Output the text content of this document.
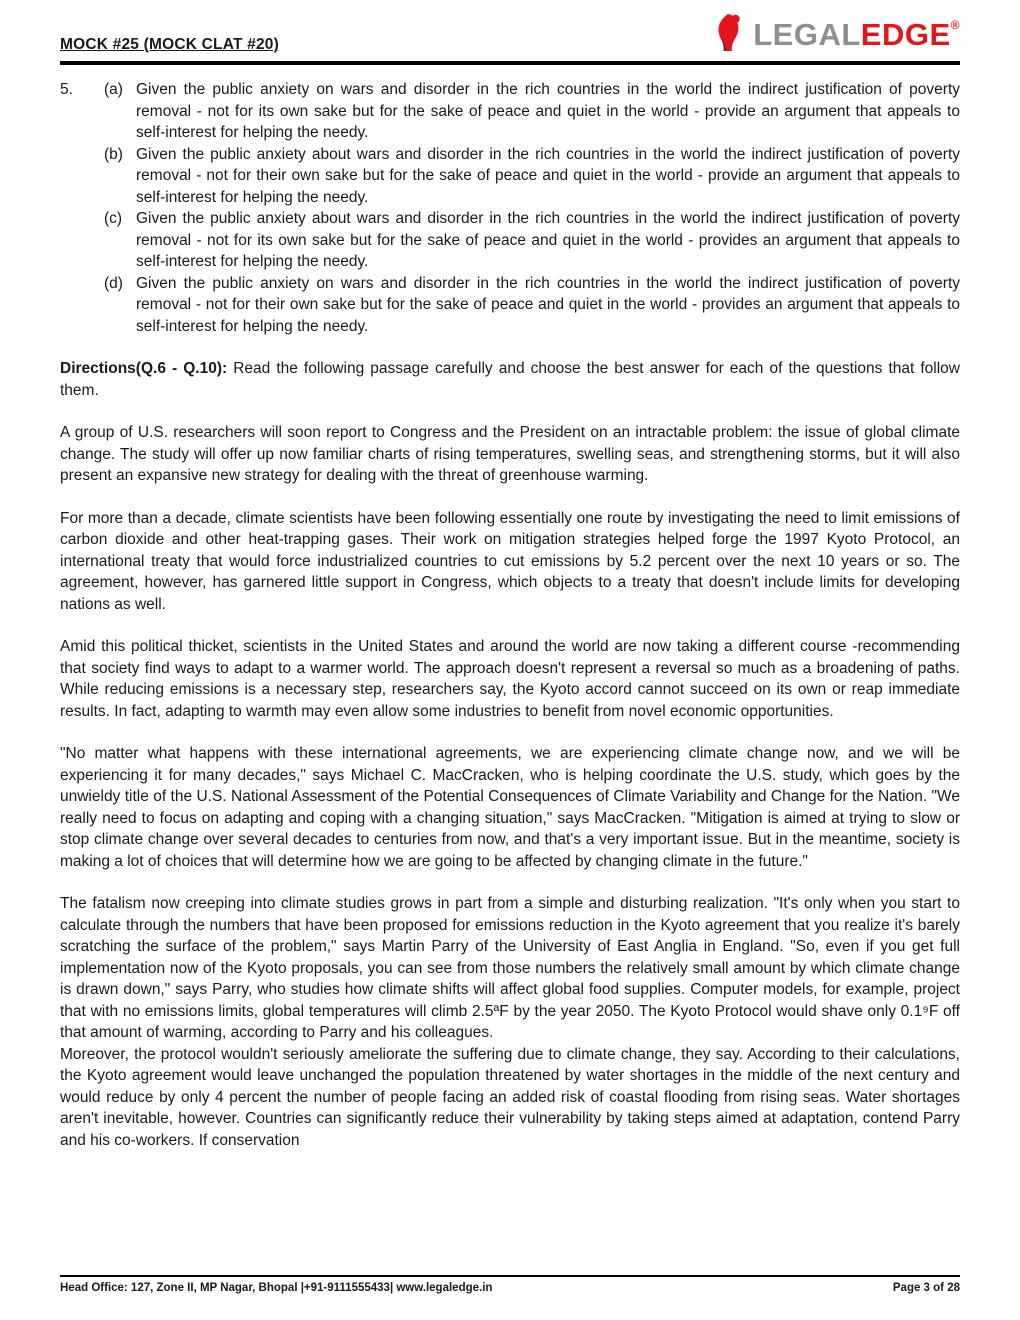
MOCK #25 (MOCK CLAT #20)	LEGALEDGE®
5.	(a) Given the public anxiety on wars and disorder in the rich countries in the world the indirect justification of poverty removal - not for its own sake but for the sake of peace and quiet in the world - provide an argument that appeals to self-interest for helping the needy.
(b) Given the public anxiety about wars and disorder in the rich countries in the world the indirect justification of poverty removal - not for their own sake but for the sake of peace and quiet in the world - provide an argument that appeals to self-interest for helping the needy.
(c) Given the public anxiety about wars and disorder in the rich countries in the world the indirect justification of poverty removal - not for its own sake but for the sake of peace and quiet in the world - provides an argument that appeals to self-interest for helping the needy.
(d) Given the public anxiety on wars and disorder in the rich countries in the world the indirect justification of poverty removal - not for their own sake but for the sake of peace and quiet in the world - provides an argument that appeals to self-interest for helping the needy.

Directions(Q.6 - Q.10): Read the following passage carefully and choose the best answer for each of the questions that follow them.

A group of U.S. researchers will soon report to Congress and the President on an intractable problem: the issue of global climate change. The study will offer up now familiar charts of rising temperatures, swelling seas, and strengthening storms, but it will also present an expansive new strategy for dealing with the threat of greenhouse warming.

For more than a decade, climate scientists have been following essentially one route by investigating the need to limit emissions of carbon dioxide and other heat-trapping gases. Their work on mitigation strategies helped forge the 1997 Kyoto Protocol, an international treaty that would force industrialized countries to cut emissions by 5.2 percent over the next 10 years or so. The agreement, however, has garnered little support in Congress, which objects to a treaty that doesn't include limits for developing nations as well.

Amid this political thicket, scientists in the United States and around the world are now taking a different course -recommending that society find ways to adapt to a warmer world. The approach doesn't represent a reversal so much as a broadening of paths. While reducing emissions is a necessary step, researchers say, the Kyoto accord cannot succeed on its own or reap immediate results. In fact, adapting to warmth may even allow some industries to benefit from novel economic opportunities.

"No matter what happens with these international agreements, we are experiencing climate change now, and we will be experiencing it for many decades," says Michael C. MacCracken, who is helping coordinate the U.S. study, which goes by the unwieldy title of the U.S. National Assessment of the Potential Consequences of Climate Variability and Change for the Nation. "We really need to focus on adapting and coping with a changing situation," says MacCracken. "Mitigation is aimed at trying to slow or stop climate change over several decades to centuries from now, and that's a very important issue. But in the meantime, society is making a lot of choices that will determine how we are going to be affected by changing climate in the future."

The fatalism now creeping into climate studies grows in part from a simple and disturbing realization. "It's only when you start to calculate through the numbers that have been proposed for emissions reduction in the Kyoto agreement that you realize it's barely scratching the surface of the problem," says Martin Parry of the University of East Anglia in England. "So, even if you get full implementation now of the Kyoto proposals, you can see from those numbers the relatively small amount by which climate change is drawn down," says Parry, who studies how climate shifts will affect global food supplies. Computer models, for example, project that with no emissions limits, global temperatures will climb 2.5ªF by the year 2050. The Kyoto Protocol would shave only 0.1⁹F off that amount of warming, according to Parry and his colleagues.

Moreover, the protocol wouldn't seriously ameliorate the suffering due to climate change, they say. According to their calculations, the Kyoto agreement would leave unchanged the population threatened by water shortages in the middle of the next century and would reduce by only 4 percent the number of people facing an added risk of coastal flooding from rising seas. Water shortages aren't inevitable, however. Countries can significantly reduce their vulnerability by taking steps aimed at adaptation, contend Parry and his co-workers. If conservation

Head Office: 127, Zone II, MP Nagar, Bhopal |+91-9111555433| www.legaledge.in	Page 3 of 28
